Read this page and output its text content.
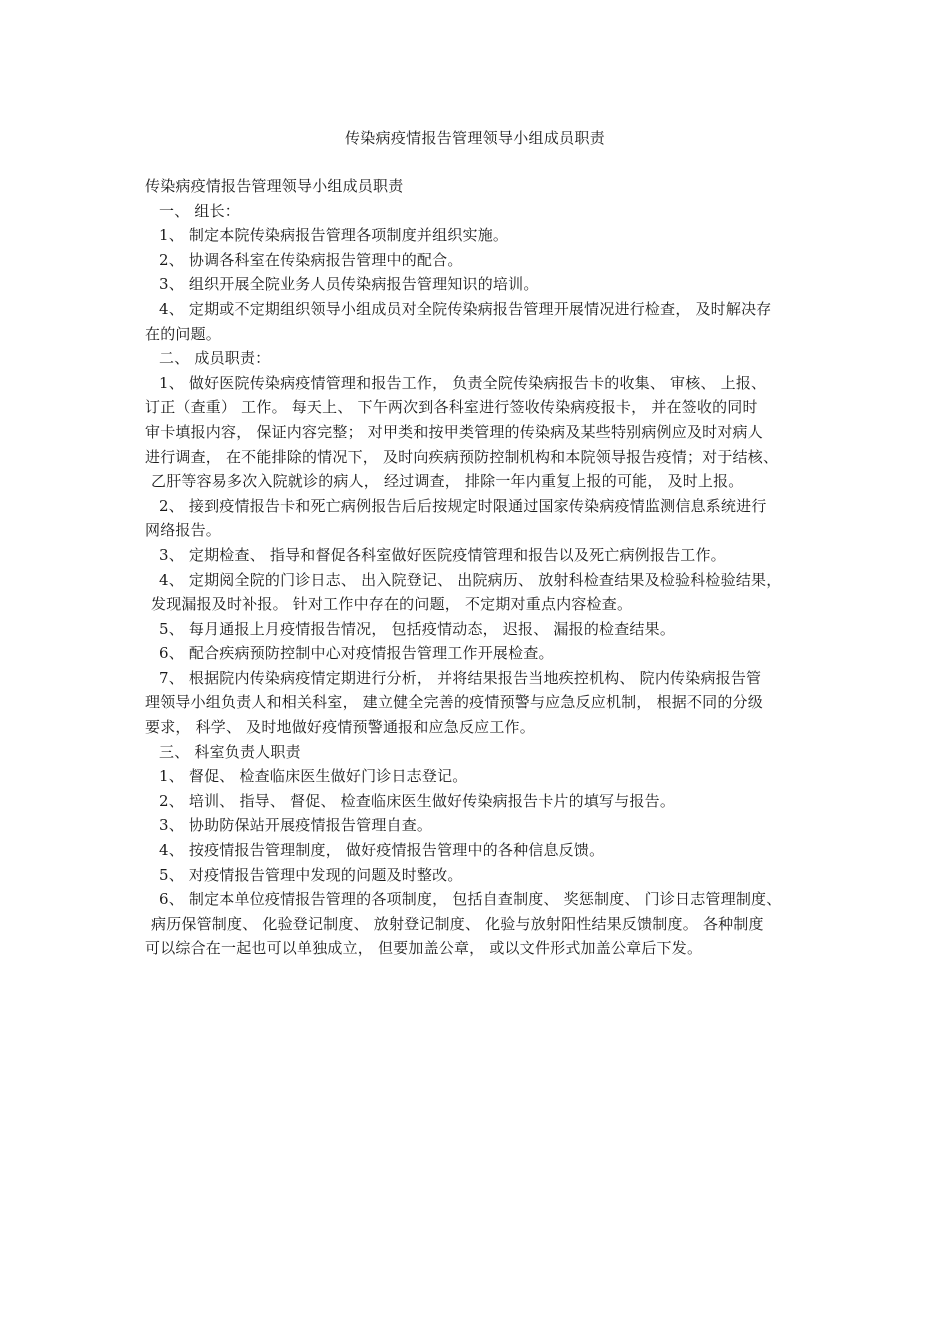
传染病疫情报告管理领导小组成员职责
传染病疫情报告管理领导小组成员职责
一、 组长：
1、 制定本院传染病报告管理各项制度并组织实施。
2、 协调各科室在传染病报告管理中的配合。
3、 组织开展全院业务人员传染病报告管理知识的培训。
4、 定期或不定期组织领导小组成员对全院传染病报告管理开展情况进行检查， 及时解决存
在的问题。
二、 成员职责：
1、 做好医院传染病疫情管理和报告工作， 负责全院传染病报告卡的收集、 审核、 上报、
订正（查重） 工作。 每天上、 下午两次到各科室进行签收传染病疫报卡， 并在签收的同时
审卡填报内容， 保证内容完整； 对甲类和按甲类管理的传染病及某些特别病例应及时对病人
进行调查， 在不能排除的情况下， 及时向疾病预防控制机构和本院领导报告疫情；对于结核、
乙肝等容易多次入院就诊的病人， 经过调查， 排除一年内重复上报的可能， 及时上报。
2、 接到疫情报告卡和死亡病例报告后后按规定时限通过国家传染病疫情监测信息系统进行
网络报告。
3、 定期检查、 指导和督促各科室做好医院疫情管理和报告以及死亡病例报告工作。
4、 定期阅全院的门诊日志、 出入院登记、 出院病历、 放射科检查结果及检验科检验结果，
发现漏报及时补报。 针对工作中存在的问题， 不定期对重点内容检查。
5、 每月通报上月疫情报告情况， 包括疫情动态， 迟报、 漏报的检查结果。
6、 配合疾病预防控制中心对疫情报告管理工作开展检查。
7、 根据院内传染病疫情定期进行分析， 并将结果报告当地疾控机构、 院内传染病报告管
理领导小组负责人和相关科室， 建立健全完善的疫情预警与应急反应机制， 根据不同的分级
要求， 科学、 及时地做好疫情预警通报和应急反应工作。
三、 科室负责人职责
1、 督促、 检查临床医生做好门诊日志登记。
2、 培训、 指导、 督促、 检查临床医生做好传染病报告卡片的填写与报告。
3、 协助防保站开展疫情报告管理自查。
4、 按疫情报告管理制度， 做好疫情报告管理中的各种信息反馈。
5、 对疫情报告管理中发现的问题及时整改。
6、 制定本单位疫情报告管理的各项制度， 包括自查制度、 奖惩制度、 门诊日志管理制度、
病历保管制度、 化验登记制度、 放射登记制度、 化验与放射阳性结果反馈制度。 各种制度
可以综合在一起也可以单独成立， 但要加盖公章， 或以文件形式加盖公章后下发。
